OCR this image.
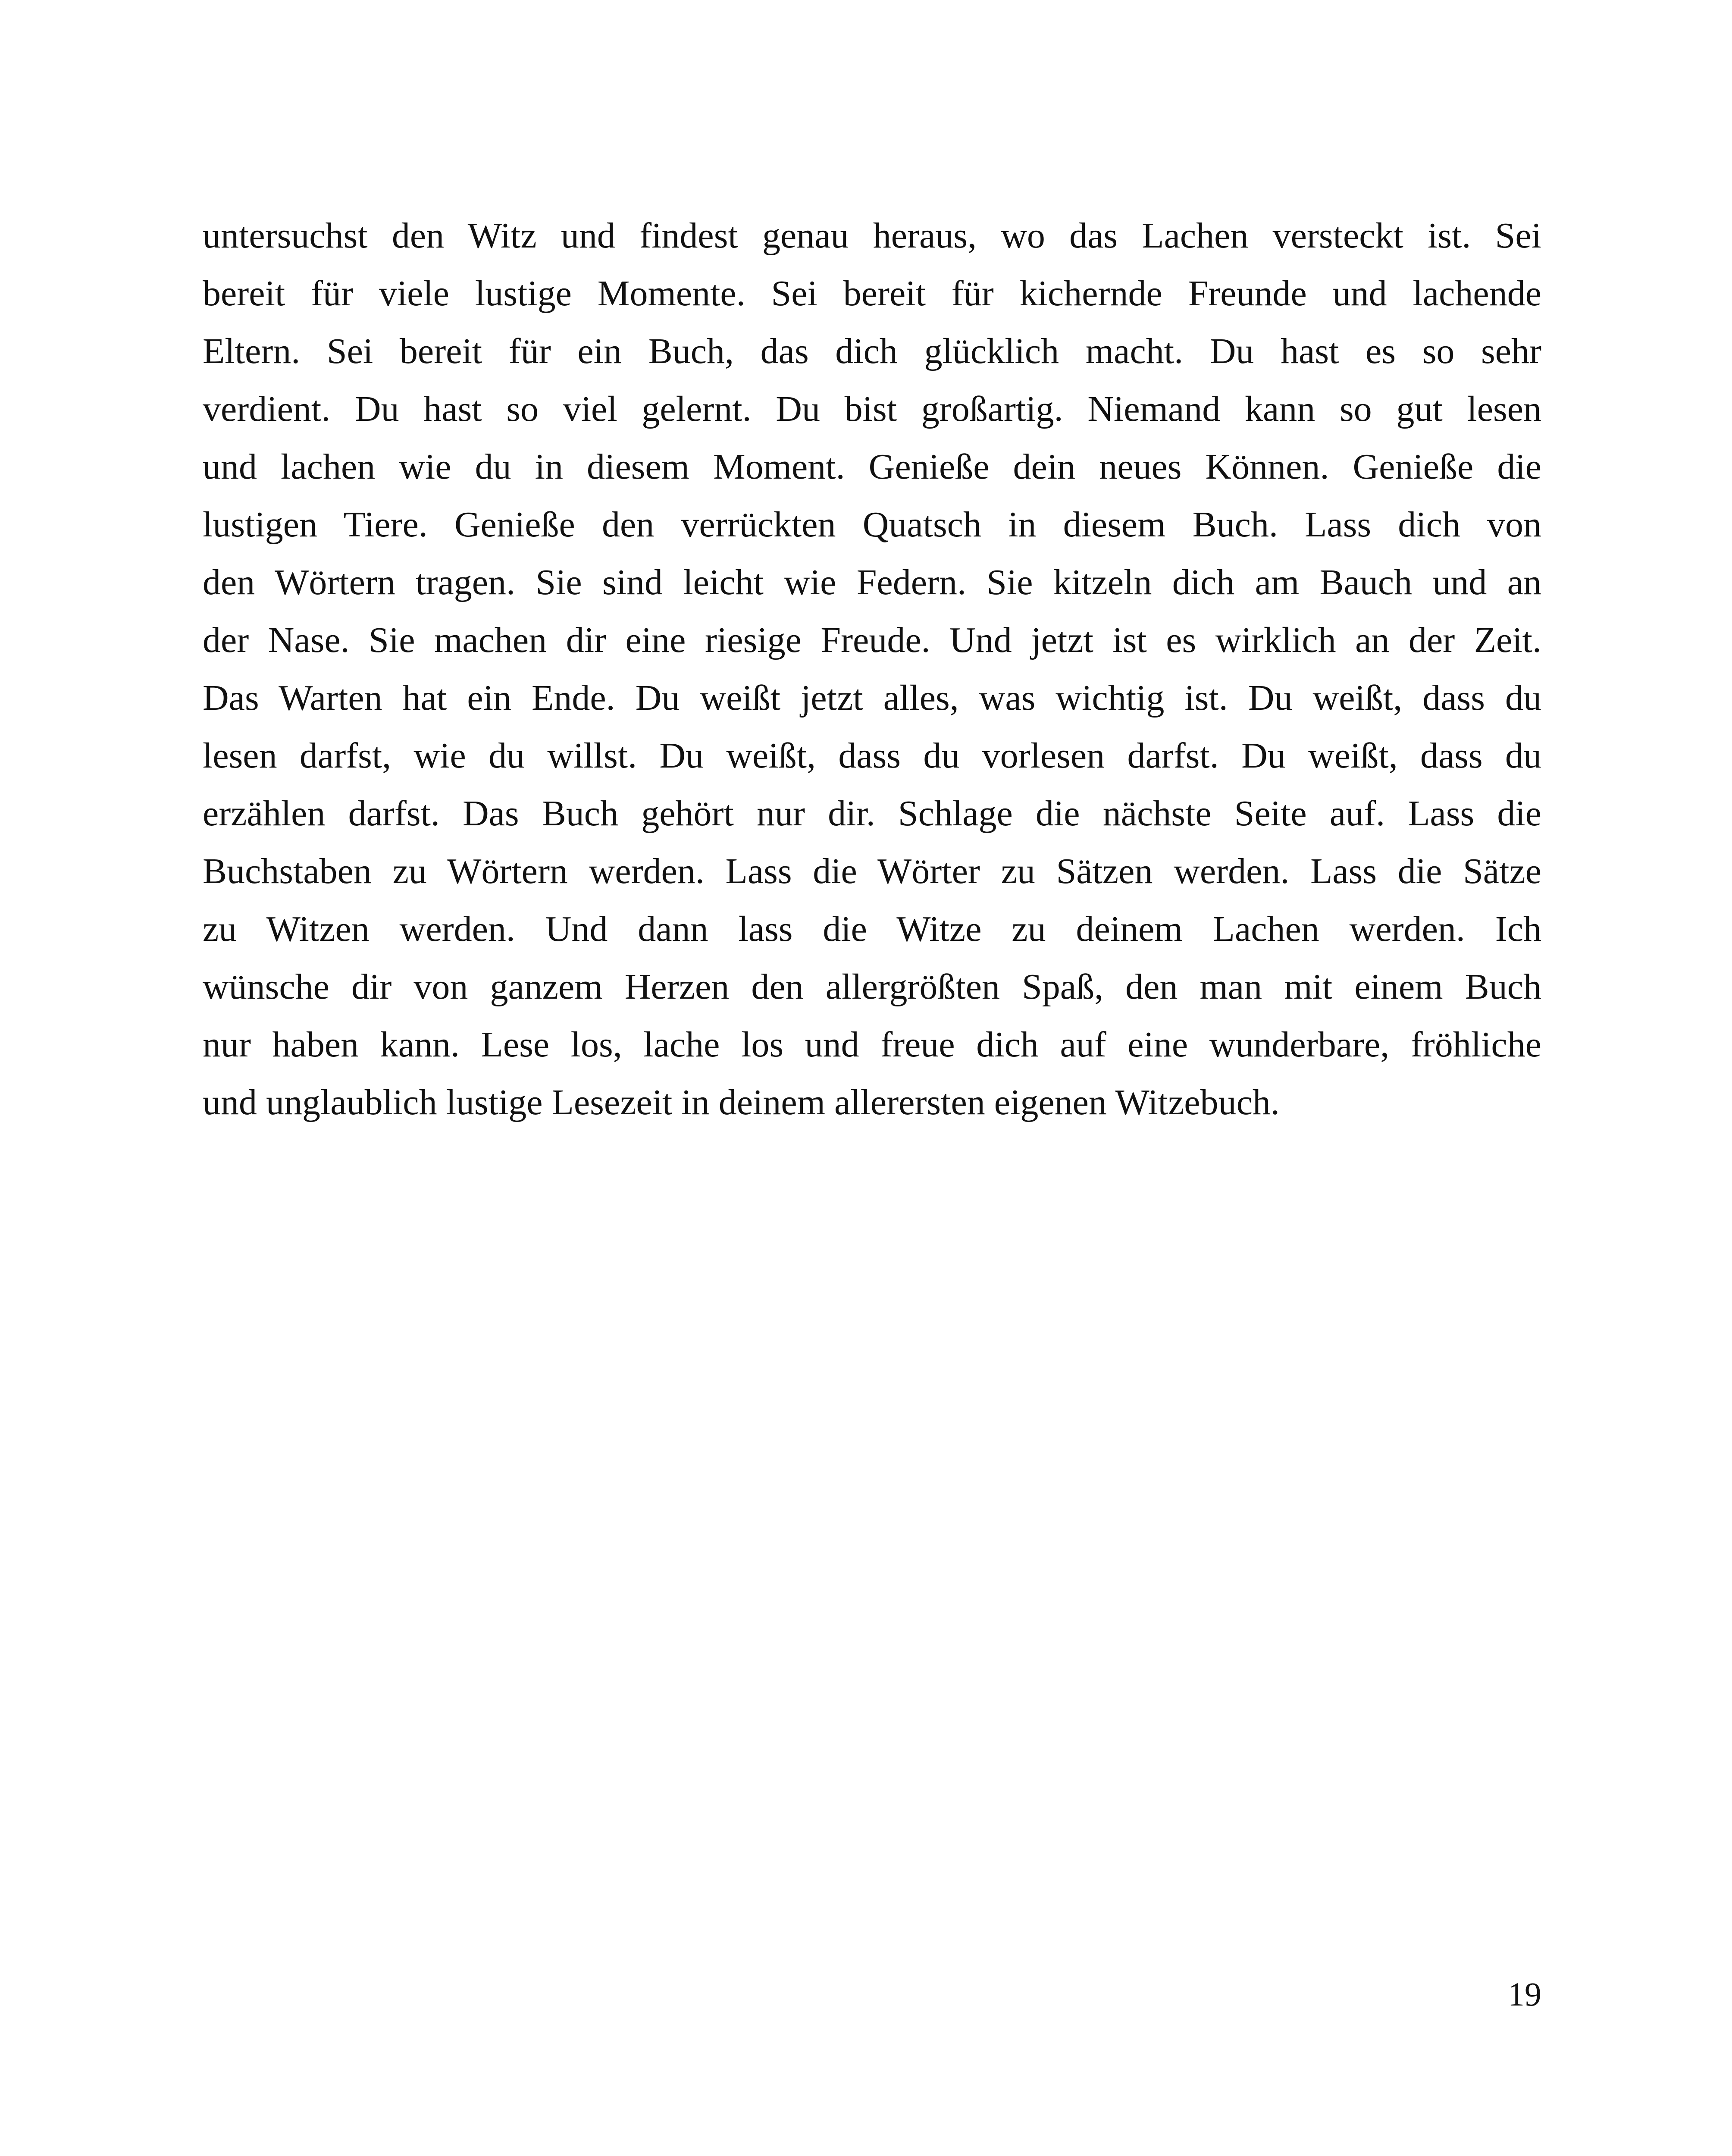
untersuchst den Witz und findest genau heraus, wo das Lachen versteckt ist. Sei
bereit für viele lustige Momente. Sei bereit für kichernde Freunde und lachende
Eltern. Sei bereit für ein Buch, das dich glücklich macht. Du hast es so sehr
verdient. Du hast so viel gelernt. Du bist großartig. Niemand kann so gut lesen
und lachen wie du in diesem Moment. Genieße dein neues Können. Genieße die
lustigen Tiere. Genieße den verrückten Quatsch in diesem Buch. Lass dich von
den Wörtern tragen. Sie sind leicht wie Federn. Sie kitzeln dich am Bauch und an
der Nase. Sie machen dir eine riesige Freude. Und jetzt ist es wirklich an der Zeit.
Das Warten hat ein Ende. Du weißt jetzt alles, was wichtig ist. Du weißt, dass du
lesen darfst, wie du willst. Du weißt, dass du vorlesen darfst. Du weißt, dass du
erzählen darfst. Das Buch gehört nur dir. Schlage die nächste Seite auf. Lass die
Buchstaben zu Wörtern werden. Lass die Wörter zu Sätzen werden. Lass die Sätze
zu Witzen werden. Und dann lass die Witze zu deinem Lachen werden. Ich
wünsche dir von ganzem Herzen den allergrößten Spaß, den man mit einem Buch
nur haben kann. Lese los, lache los und freue dich auf eine wunderbare, fröhliche
und unglaublich lustige Lesezeit in deinem allerersten eigenen Witzebuch.
19
